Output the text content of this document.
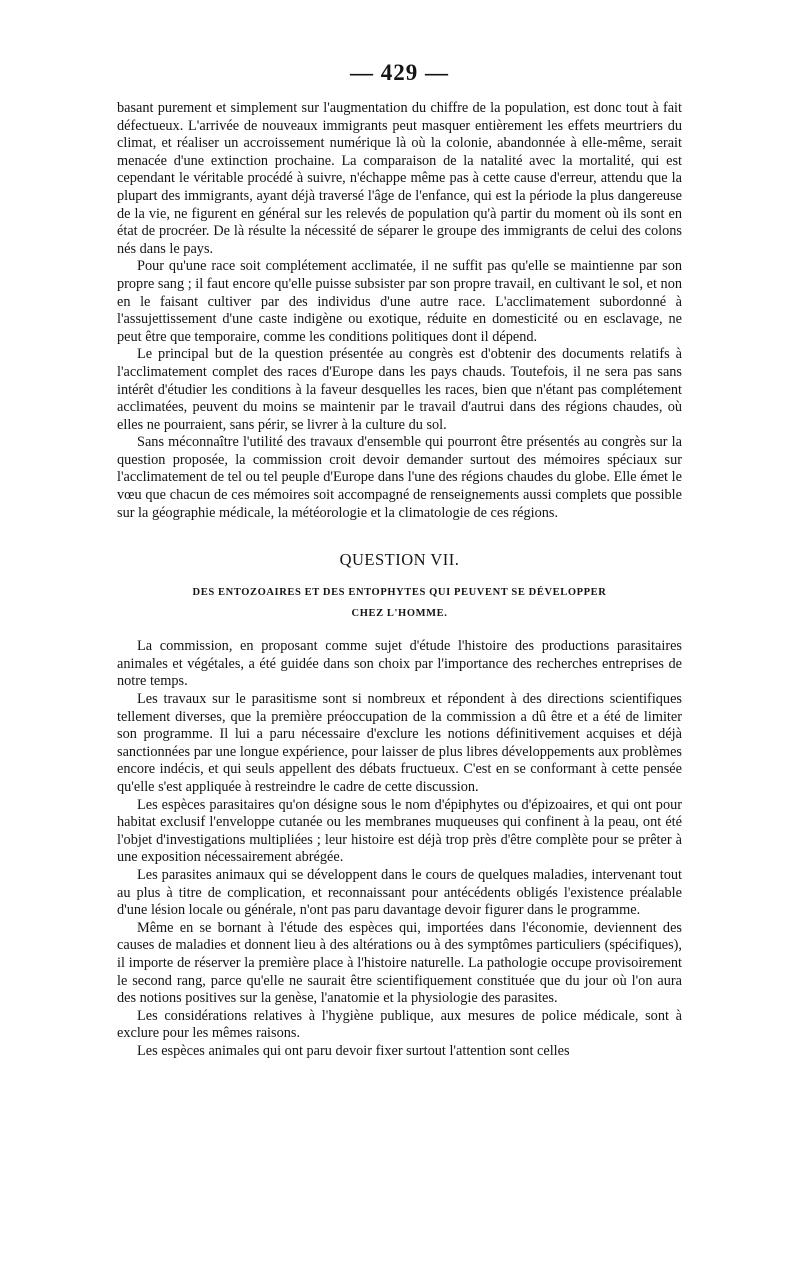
— 429 —

basant purement et simplement sur l'augmentation du chiffre de la population, est donc tout à fait défectueux. L'arrivée de nouveaux immigrants peut masquer entièrement les effets meurtriers du climat, et réaliser un accroissement numérique là où la colonie, abandonnée à elle-même, serait menacée d'une extinction prochaine. La comparaison de la natalité avec la mortalité, qui est cependant le véritable procédé à suivre, n'échappe même pas à cette cause d'erreur, attendu que la plupart des immigrants, ayant déjà traversé l'âge de l'enfance, qui est la période la plus dangereuse de la vie, ne figurent en général sur les relevés de population qu'à partir du moment où ils sont en état de procréer. De là résulte la nécessité de séparer le groupe des immigrants de celui des colons nés dans le pays.

Pour qu'une race soit complétement acclimatée, il ne suffit pas qu'elle se maintienne par son propre sang ; il faut encore qu'elle puisse subsister par son propre travail, en cultivant le sol, et non en le faisant cultiver par des individus d'une autre race. L'acclimatement subordonné à l'assujettissement d'une caste indigène ou exotique, réduite en domesticité ou en esclavage, ne peut être que temporaire, comme les conditions politiques dont il dépend.

Le principal but de la question présentée au congrès est d'obtenir des documents relatifs à l'acclimatement complet des races d'Europe dans les pays chauds. Toutefois, il ne sera pas sans intérêt d'étudier les conditions à la faveur desquelles les races, bien que n'étant pas complétement acclimatées, peuvent du moins se maintenir par le travail d'autrui dans des régions chaudes, où elles ne pourraient, sans périr, se livrer à la culture du sol.

Sans méconnaître l'utilité des travaux d'ensemble qui pourront être présentés au congrès sur la question proposée, la commission croit devoir demander surtout des mémoires spéciaux sur l'acclimatement de tel ou tel peuple d'Europe dans l'une des régions chaudes du globe. Elle émet le vœu que chacun de ces mémoires soit accompagné de renseignements aussi complets que possible sur la géographie médicale, la météorologie et la climatologie de ces régions.

QUESTION VII.
DES ENTOZOAIRES ET DES ENTOPHYTES QUI PEUVENT SE DÉVELOPPER
CHEZ L'HOMME.

La commission, en proposant comme sujet d'étude l'histoire des productions parasitaires animales et végétales, a été guidée dans son choix par l'importance des recherches entreprises de notre temps.

Les travaux sur le parasitisme sont si nombreux et répondent à des directions scientifiques tellement diverses, que la première préoccupation de la commission a dû être et a été de limiter son programme. Il lui a paru nécessaire d'exclure les notions définitivement acquises et déjà sanctionnées par une longue expérience, pour laisser de plus libres développements aux problèmes encore indécis, et qui seuls appellent des débats fructueux. C'est en se conformant à cette pensée qu'elle s'est appliquée à restreindre le cadre de cette discussion.

Les espèces parasitaires qu'on désigne sous le nom d'épiphytes ou d'épizoaires, et qui ont pour habitat exclusif l'enveloppe cutanée ou les membranes muqueuses qui confinent à la peau, ont été l'objet d'investigations multipliées ; leur histoire est déjà trop près d'être complète pour se prêter à une exposition nécessairement abrégée.

Les parasites animaux qui se développent dans le cours de quelques maladies, intervenant tout au plus à titre de complication, et reconnaissant pour antécédents obligés l'existence préalable d'une lésion locale ou générale, n'ont pas paru davantage devoir figurer dans le programme.

Même en se bornant à l'étude des espèces qui, importées dans l'économie, deviennent des causes de maladies et donnent lieu à des altérations ou à des symptômes particuliers (spécifiques), il importe de réserver la première place à l'histoire naturelle. La pathologie occupe provisoirement le second rang, parce qu'elle ne saurait être scientifiquement constituée que du jour où l'on aura des notions positives sur la genèse, l'anatomie et la physiologie des parasites.

Les considérations relatives à l'hygiène publique, aux mesures de police médicale, sont à exclure pour les mêmes raisons.

Les espèces animales qui ont paru devoir fixer surtout l'attention sont celles
